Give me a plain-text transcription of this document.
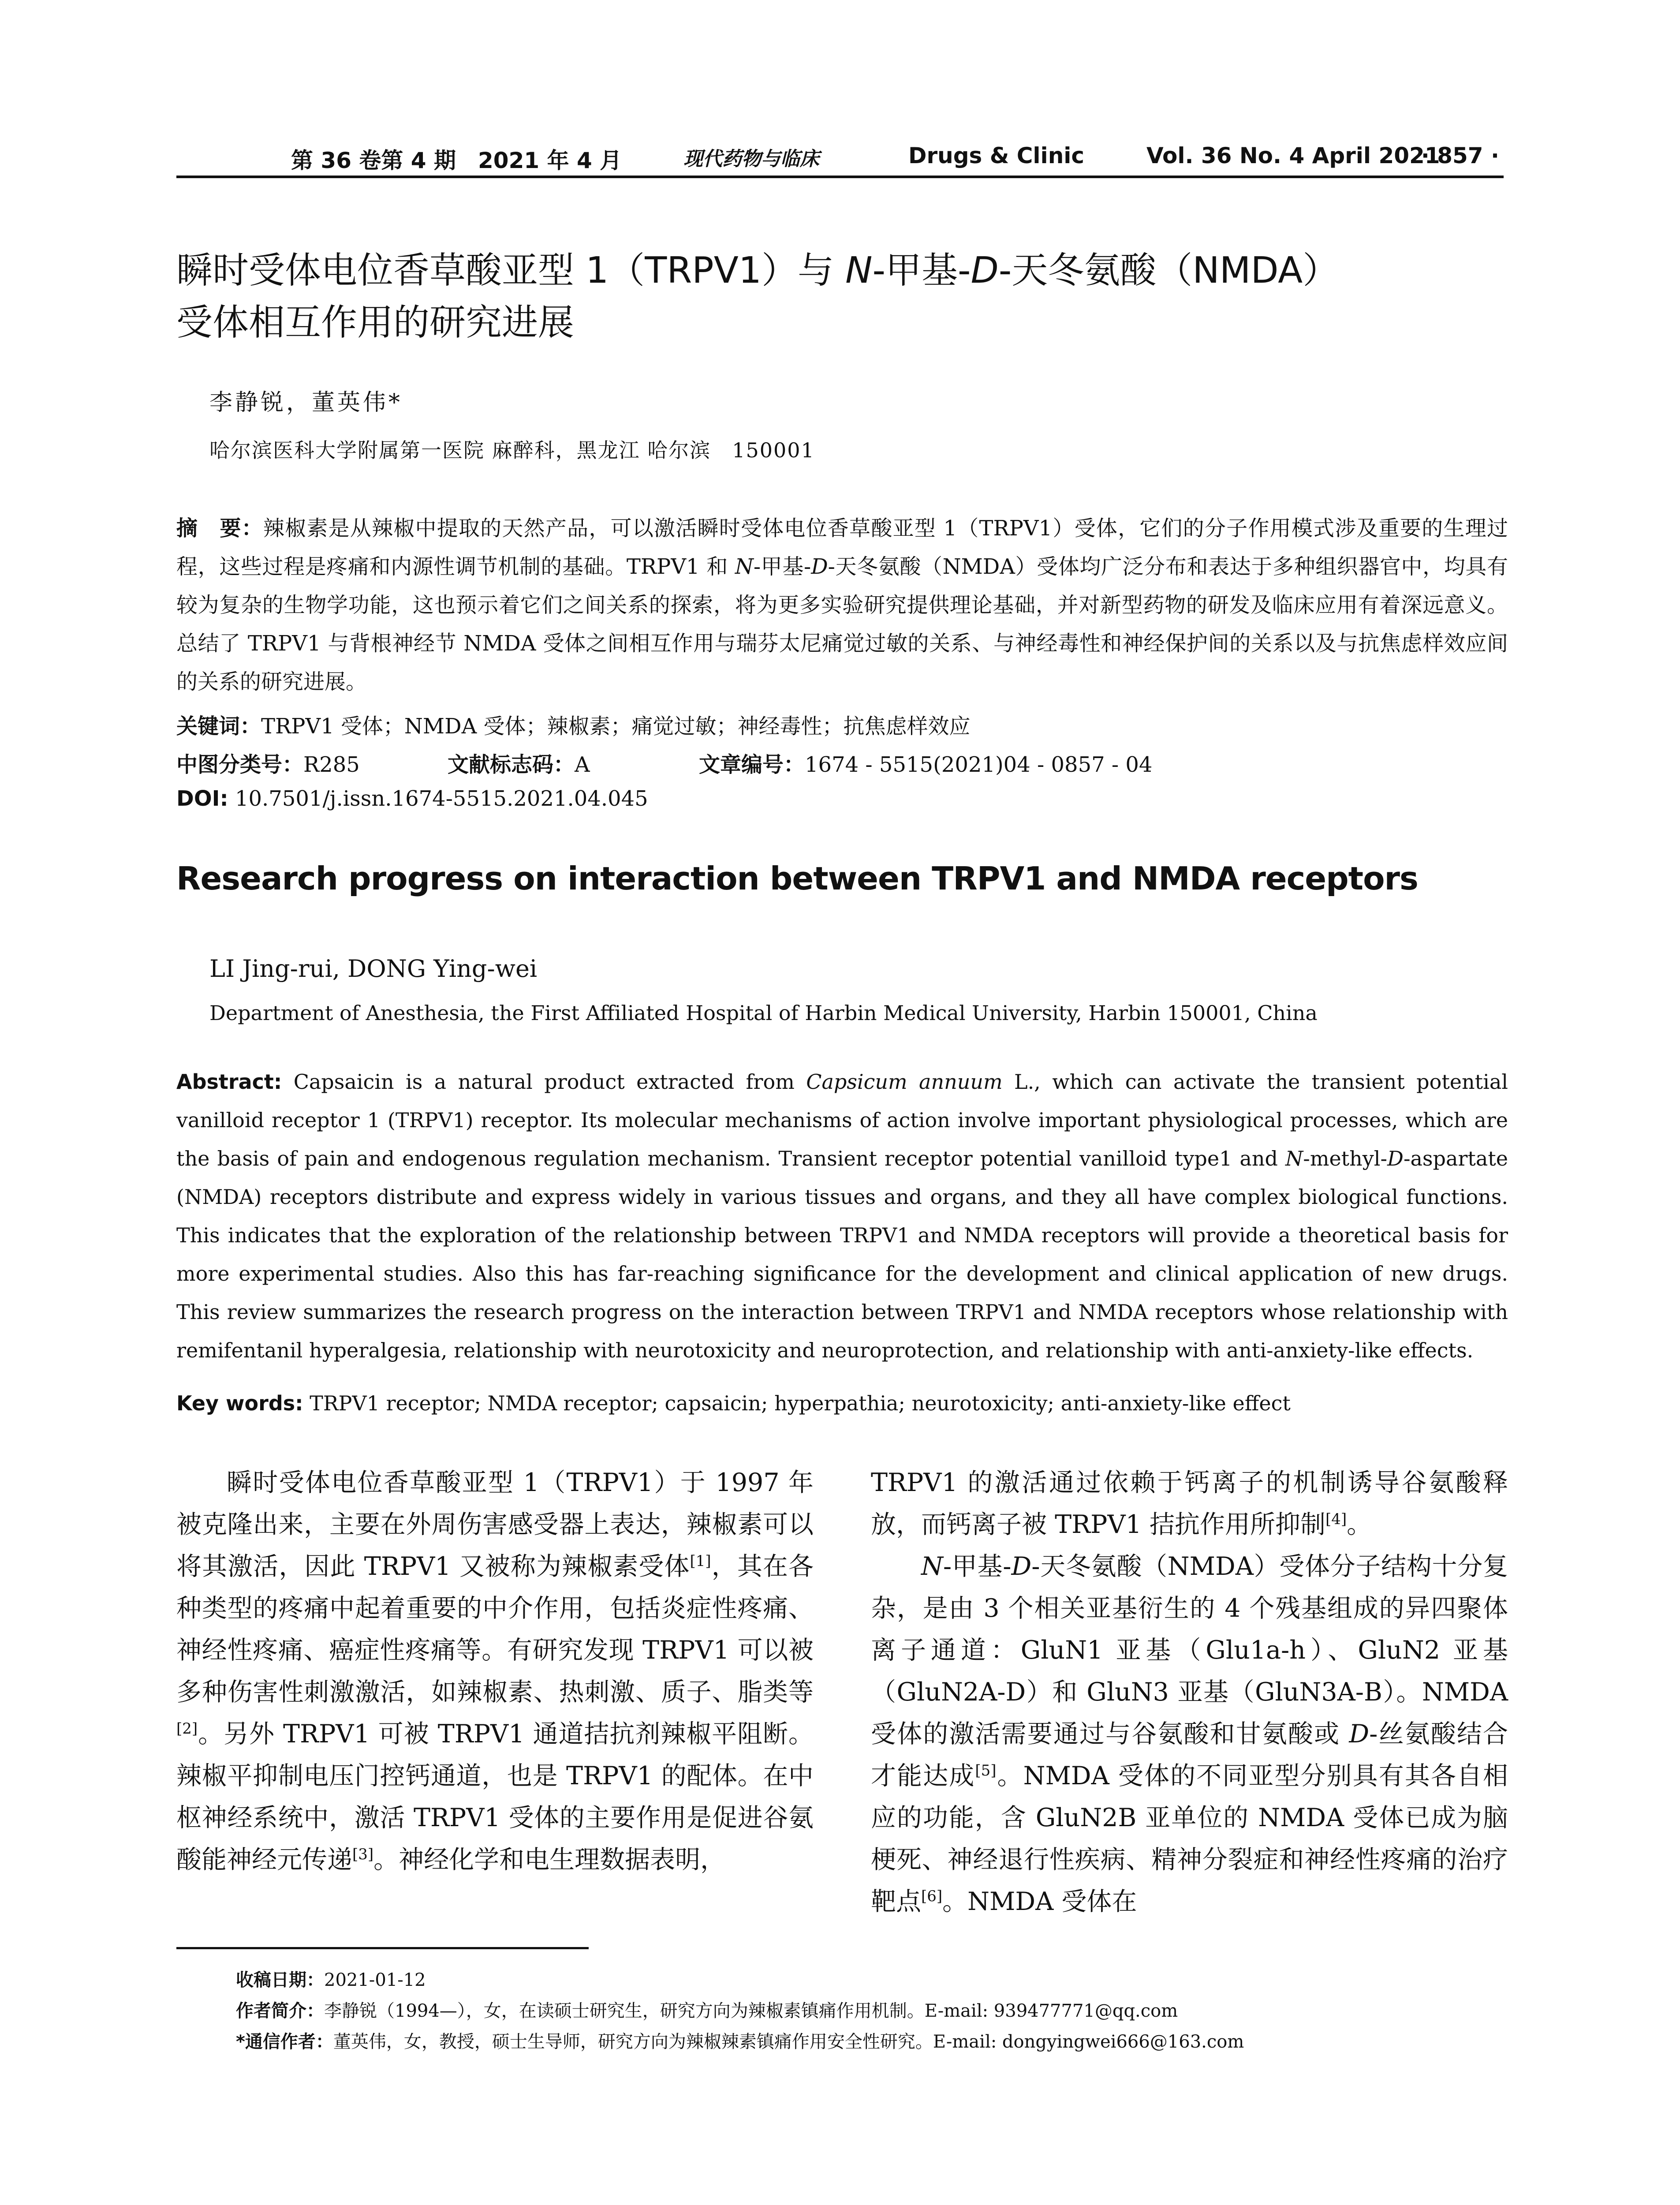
第 36 卷第 4 期　2021 年 4 月	现代药物与临床	Drugs & Clinic	Vol. 36 No. 4 April 2021
· 857 ·
瞬时受体电位香草酸亚型 1（TRPV1）与 N-甲基-D-天冬氨酸（NMDA）
受体相互作用的研究进展
李静锐，董英伟*
哈尔滨医科大学附属第一医院 麻醉科，黑龙江 哈尔滨　150001
摘　要：辣椒素是从辣椒中提取的天然产品，可以激活瞬时受体电位香草酸亚型 1（TRPV1）受体，它们的分子作用模式涉及重要的生理过程，这些过程是疼痛和内源性调节机制的基础。TRPV1 和 N-甲基-D-天冬氨酸（NMDA）受体均广泛分布和表达于多种组织器官中，均具有较为复杂的生物学功能，这也预示着它们之间关系的探索，将为更多实验研究提供理论基础，并对新型药物的研发及临床应用有着深远意义。总结了 TRPV1 与背根神经节 NMDA 受体之间相互作用与瑞芬太尼痛觉过敏的关系、与神经毒性和神经保护间的关系以及与抗焦虑样效应间的关系的研究进展。
关键词：TRPV1 受体；NMDA 受体；辣椒素；痛觉过敏；神经毒性；抗焦虑样效应
中图分类号：R285	文献标志码：A	文章编号：1674 - 5515(2021)04 - 0857 - 04
DOI: 10.7501/j.issn.1674-5515.2021.04.045
Research progress on interaction between TRPV1 and NMDA receptors
LI Jing-rui, DONG Ying-wei
Department of Anesthesia, the First Affiliated Hospital of Harbin Medical University, Harbin 150001, China
Abstract: Capsaicin is a natural product extracted from Capsicum annuum L., which can activate the transient potential vanilloid receptor 1 (TRPV1) receptor. Its molecular mechanisms of action involve important physiological processes, which are the basis of pain and endogenous regulation mechanism. Transient receptor potential vanilloid type1 and N-methyl-D-aspartate (NMDA) receptors distribute and express widely in various tissues and organs, and they all have complex biological functions. This indicates that the exploration of the relationship between TRPV1 and NMDA receptors will provide a theoretical basis for more experimental studies. Also this has far-reaching significance for the development and clinical application of new drugs. This review summarizes the research progress on the interaction between TRPV1 and NMDA receptors whose relationship with remifentanil hyperalgesia, relationship with neurotoxicity and neuroprotection, and relationship with anti-anxiety-like effects.
Key words: TRPV1 receptor; NMDA receptor; capsaicin; hyperpathia; neurotoxicity; anti-anxiety-like effect

瞬时受体电位香草酸亚型 1（TRPV1）于 1997 年被克隆出来，主要在外周伤害感受器上表达，辣椒素可以将其激活，因此 TRPV1 又被称为辣椒素受体[1]，其在各种类型的疼痛中起着重要的中介作用，包括炎症性疼痛、神经性疼痛、癌症性疼痛等。有研究发现 TRPV1 可以被多种伤害性刺激激活，如辣椒素、热刺激、质子、脂类等[2]。另外 TRPV1 可被 TRPV1 通道拮抗剂辣椒平阻断。辣椒平抑制电压门控钙通道，也是 TRPV1 的配体。在中枢神经系统中，激活 TRPV1 受体的主要作用是促进谷氨酸能神经元传递[3]。神经化学和电生理数据表明，

TRPV1 的激活通过依赖于钙离子的机制诱导谷氨酸释放，而钙离子被 TRPV1 拮抗作用所抑制[4]。

N-甲基-D-天冬氨酸（NMDA）受体分子结构十分复杂，是由 3 个相关亚基衍生的 4 个残基组成的异四聚体离子通道：GluN1 亚基（Glu1a-h）、GluN2 亚基（GluN2A-D）和 GluN3 亚基（GluN3A-B）。NMDA 受体的激活需要通过与谷氨酸和甘氨酸或 D-丝氨酸结合才能达成[5]。NMDA 受体的不同亚型分别具有其各自相应的功能，含 GluN2B 亚单位的 NMDA 受体已成为脑梗死、神经退行性疾病、精神分裂症和神经性疼痛的治疗靶点[6]。NMDA 受体在

收稿日期：2021-01-12
作者简介：李静锐（1994—），女，在读硕士研究生，研究方向为辣椒素镇痛作用机制。E-mail: 939477771@qq.com
*通信作者：董英伟，女，教授，硕士生导师，研究方向为辣椒辣素镇痛作用安全性研究。E-mail: dongyingwei666@163.com
